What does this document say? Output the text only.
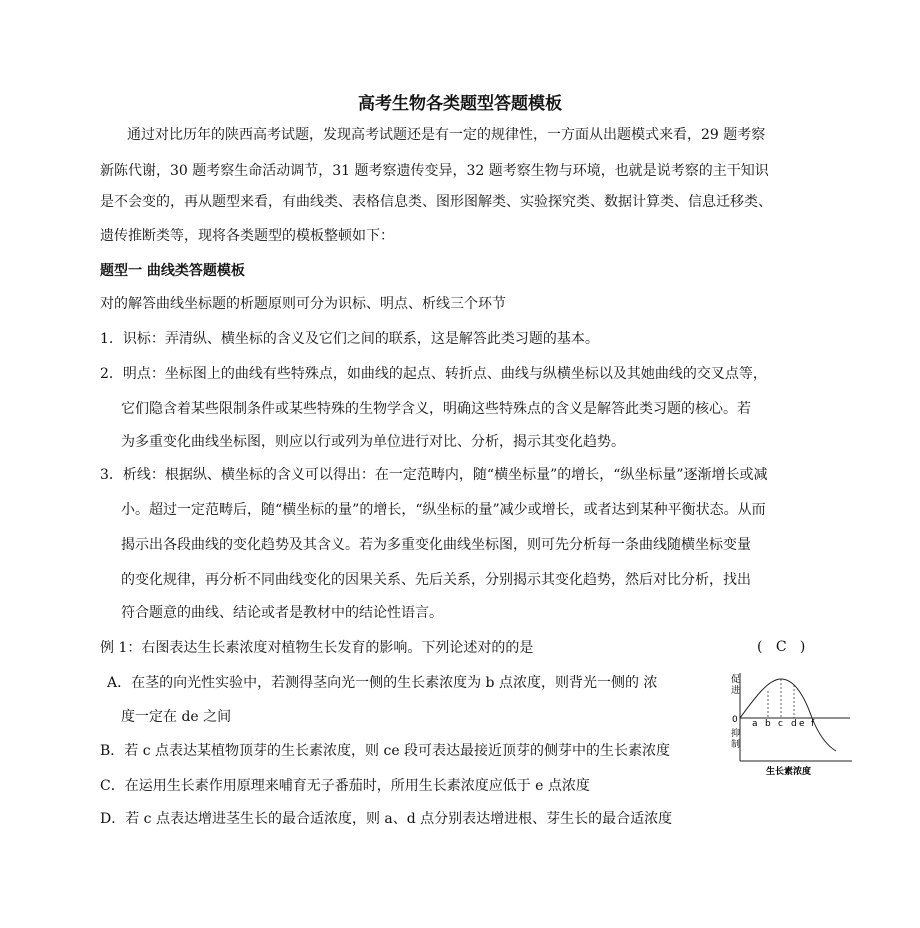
高考生物各类题型答题模板
通过对比历年的陕西高考试题，发现高考试题还是有一定的规律性，一方面从出题模式来看，29 题考察
新陈代谢，30 题考察生命活动调节，31 题考察遗传变异，32 题考察生物与环境，也就是说考察的主干知识
是不会变的，再从题型来看，有曲线类、表格信息类、图形图解类、实验探究类、数据计算类、信息迁移类、
遗传推断类等，现将各类题型的模板整顿如下：
题型一 曲线类答题模板
对的解答曲线坐标题的析题原则可分为识标、明点、析线三个环节
1．识标：弄清纵、横坐标的含义及它们之间的联系，这是解答此类习题的基本。
2．明点：坐标图上的曲线有些特殊点，如曲线的起点、转折点、曲线与纵横坐标以及其她曲线的交叉点等，
它们隐含着某些限制条件或某些特殊的生物学含义，明确这些特殊点的含义是解答此类习题的核心。若
为多重变化曲线坐标图，则应以行或列为单位进行对比、分析，揭示其变化趋势。
3．析线：根据纵、横坐标的含义可以得出：在一定范畴内，随“横坐标量”的增长，“纵坐标量”逐渐增长或减
小。超过一定范畴后，随“横坐标的量”的增长，“纵坐标的量”减少或增长，或者达到某种平衡状态。从而
揭示出各段曲线的变化趋势及其含义。若为多重变化曲线坐标图，则可先分析每一条曲线随横坐标变量
的变化规律，再分析不同曲线变化的因果关系、先后关系，分别揭示其变化趋势，然后对比分析，找出
符合题意的曲线、结论或者是教材中的结论性语言。
例 1：右图表达生长素浓度对植物生长发育的影响。下列论述对的的是	(   C   )
A．在茎的向光性实验中，若测得茎向光一侧的生长素浓度为 b 点浓度，则背光一侧的 浓
度一定在 de 之间
B．若 c 点表达某植物顶芽的生长素浓度，则 ce 段可表达最接近顶芽的侧芽中的生长素浓度
C．在运用生长素作用原理来哺育无子番茄时，所用生长素浓度应低于 e 点浓度
D．若 c 点表达增进茎生长的最合适浓度，则 a、d 点分别表达增进根、芽生长的最合适浓度
促
进
0
抑
制
a b c d e f
生长素浓度
